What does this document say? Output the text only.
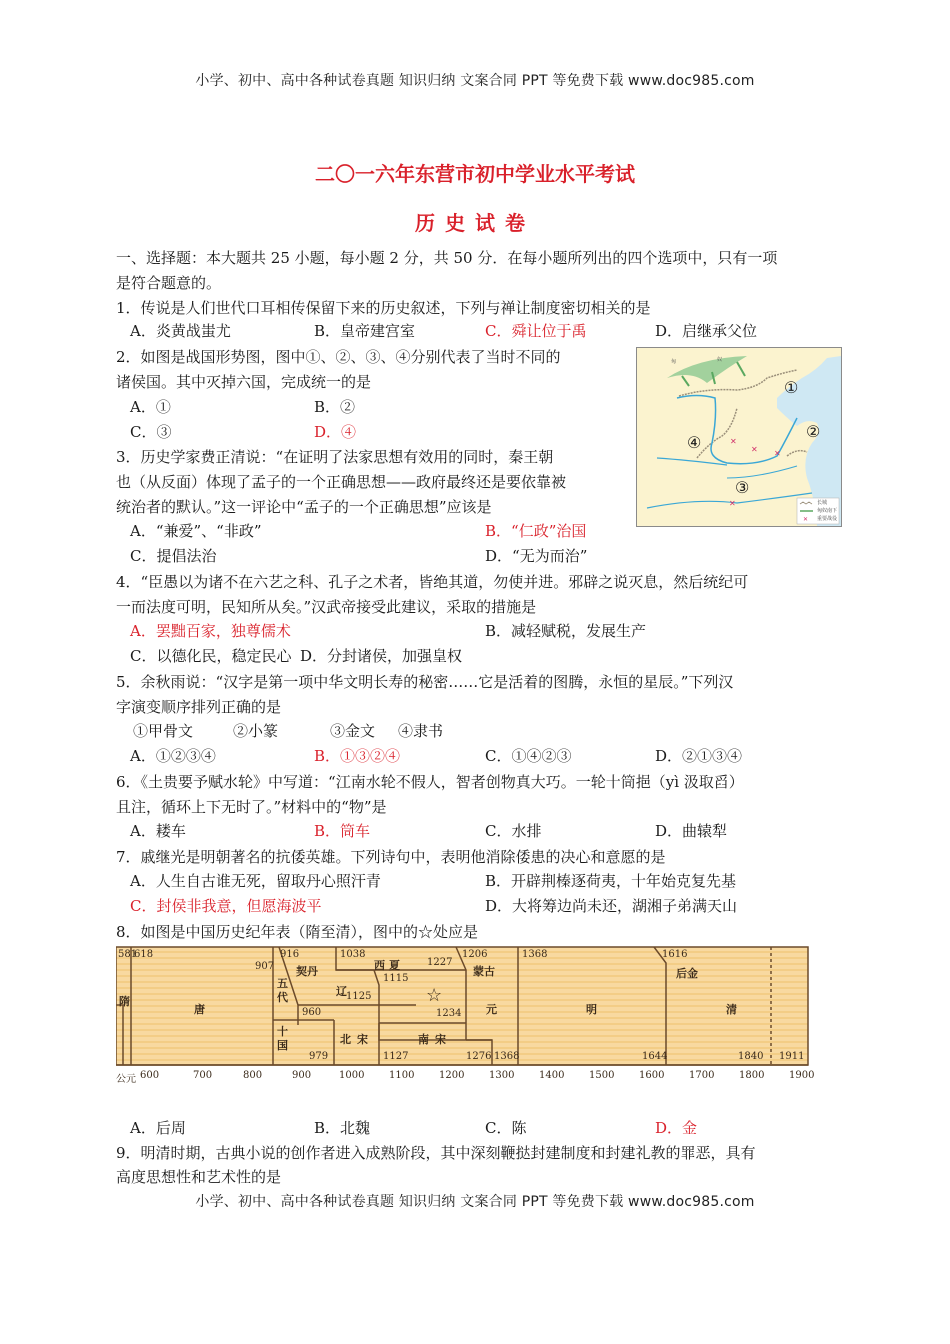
小学、初中、高中各种试卷真题 知识归纳 文案合同 PPT 等免费下载 www.doc985.com
二〇一六年东营市初中学业水平考试
历史试卷
一、选择题：本大题共 25 小题，每小题 2 分，共 50 分．在每小题所列出的四个选项中，只有一项
是符合题意的。
1．传说是人们世代口耳相传保留下来的历史叙述，下列与禅让制度密切相关的是
A．炎黄战蚩尤	B．皇帝建宫室	C．舜让位于禹	D．启继承父位
2．如图是战国形势图，图中①、②、③、④分别代表了当时不同的
诸侯国。其中灭掉六国，完成统一的是
A．①	B．②
C．③	D．④
✕
✕ ✕
✕
✕
①
②
③
④
匈	奴
长城
匈奴南下
重要战役
3．历史学家费正清说：“在证明了法家思想有效用的同时，秦王朝
也（从反面）体现了孟子的一个正确思想——政府最终还是要依靠被
统治者的默认。”这一评论中“孟子的一个正确思想”应该是
A．“兼爱”、“非政”	B．“仁政”治国
C．提倡法治	D．“无为而治”
4．“臣愚以为诸不在六艺之科、孔子之术者，皆绝其道，勿使并进。邪辟之说灭息，然后统纪可
一而法度可明，民知所从矣。”汉武帝接受此建议，采取的措施是
A．罢黜百家，独尊儒术	B．减轻赋税，发展生产
C．以德化民，稳定民心 D．分封诸侯，加强皇权
5．余秋雨说：“汉字是第一项中华文明长寿的秘密……它是活着的图腾，永恒的星辰。”下列汉
字演变顺序排列正确的是
①甲骨文	②小篆	③金文 ④隶书
A．①②③④	B．①③②④	C．①④②③	D．②①③④
6．《土贵要予赋水轮》中写道：“江南水轮不假人，智者创物真大巧。一轮十筒挹（yì 汲取舀）
且注，循环上下无时了。”材料中的“物”是
A．耧车	B．筒车	C．水排	D．曲辕犁
7．戚继光是明朝著名的抗倭英雄。下列诗句中，表明他消除倭患的决心和意愿的是
A．人生自古谁无死，留取丹心照汗青	B．开辟荆榛逐荷夷，十年始克复先基
C．封侯非我意，但愿海波平	D．大将筹边尚未还，湖湘子弟满天山
8．如图是中国历史纪年表（隋至清），图中的☆处应是
581
618
907
916
960
979
1038
1115
1125
1127
1206
1227
1234
1276 1368
1368	1616
1644	1840 1911
隋
唐
五代
十国
契丹
辽
西夏
☆
北宋	南宋
蒙古
元	明
后金
清
公元 600	700	800	900	1000 1100 1200 1300 1400 1500 1600 1700 1800 1900
A．后周	B．北魏	C．陈	D．金
9．明清时期，古典小说的创作者进入成熟阶段，其中深刻鞭挞封建制度和封建礼教的罪恶，具有
高度思想性和艺术性的是
小学、初中、高中各种试卷真题 知识归纳 文案合同 PPT 等免费下载 www.doc985.com
